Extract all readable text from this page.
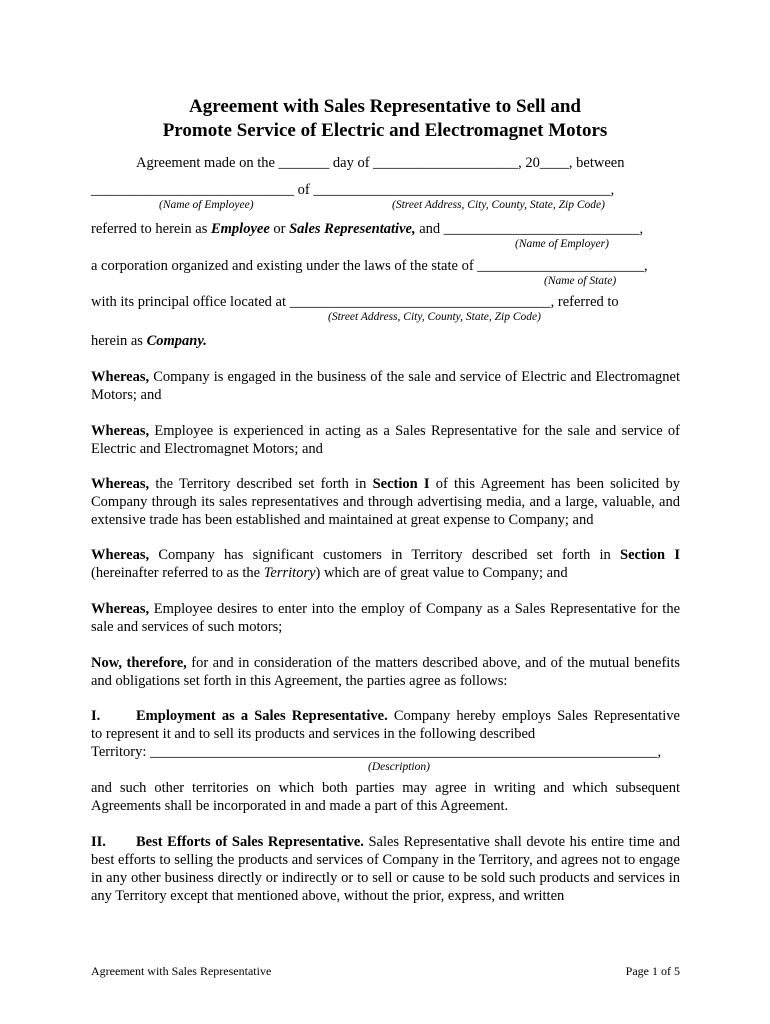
Agreement with Sales Representative to Sell and
Promote Service of Electric and Electromagnet Motors
Agreement made on the _______ day of ____________________, 20____, between
____________________________ of _________________________________________,
(Name of Employee)	(Street Address, City, County, State, Zip Code)
referred to herein as Employee or Sales Representative, and ___________________________,
(Name of Employer)
a corporation organized and existing under the laws of the state of _______________________,
(Name of State)
with its principal office located at ____________________________________, referred to
(Street Address, City, County, State, Zip Code)
herein as Company.
Whereas, Company is engaged in the business of the sale and service of Electric and Electromagnet Motors; and
Whereas, Employee is experienced in acting as a Sales Representative for the sale and service of Electric and Electromagnet Motors; and
Whereas, the Territory described set forth in Section I of this Agreement has been solicited by Company through its sales representatives and through advertising media, and a large, valuable, and extensive trade has been established and maintained at great expense to Company; and
Whereas, Company has significant customers in Territory described set forth in Section I (hereinafter referred to as the Territory) which are of great value to Company; and
Whereas, Employee desires to enter into the employ of Company as a Sales Representative for the sale and services of such motors;
Now, therefore, for and in consideration of the matters described above, and of the mutual benefits and obligations set forth in this Agreement, the parties agree as follows:
I. Employment as a Sales Representative. Company hereby employs Sales Representative
to represent it and to sell its products and services in the following described
Territory: ______________________________________________________________________,
(Description)
and such other territories on which both parties may agree in writing and which subsequent Agreements shall be incorporated in and made a part of this Agreement.
II. Best Efforts of Sales Representative. Sales Representative shall devote his entire time and best efforts to selling the products and services of Company in the Territory, and agrees not to engage in any other business directly or indirectly or to sell or cause to be sold such products and services in any Territory except that mentioned above, without the prior, express, and written
Agreement with Sales Representative	Page 1 of 5
